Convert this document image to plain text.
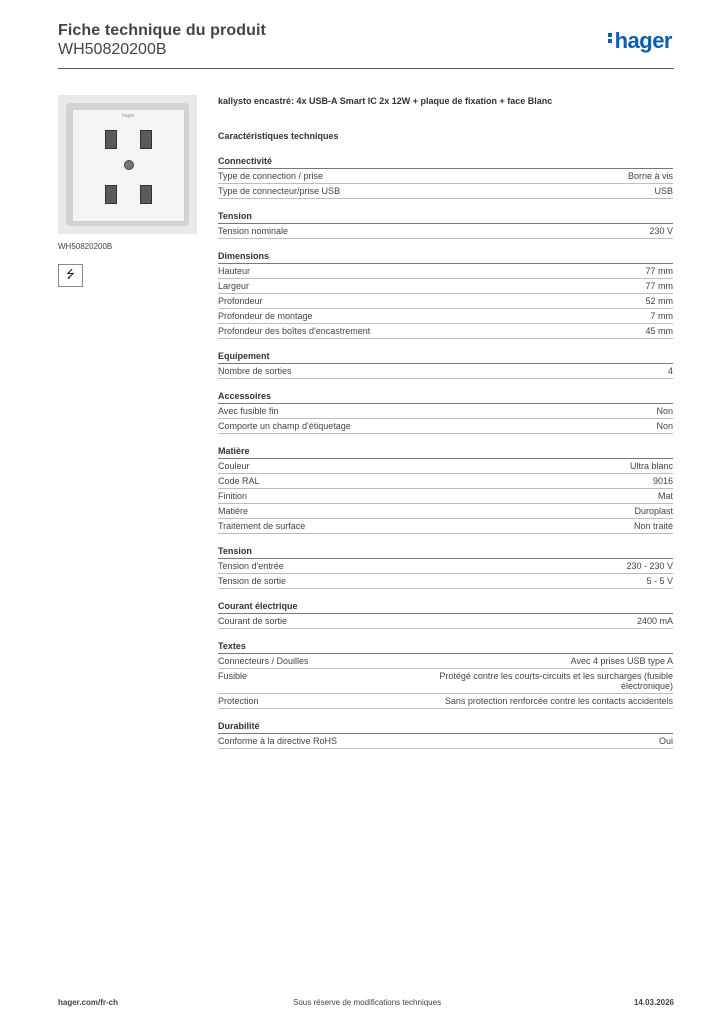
Fiche technique du produit
WH50820200B	hager
hager
WH50820200B
⭍
kallysto encastré: 4x USB-A Smart IC 2x 12W + plaque de fixation + face Blanc
Caractéristiques techniques
Connectivité
Type de connection / prise	Borne à vis
Type de connecteur/prise USB	USB
Tension
Tension nominale	230 V
Dimensions
Hauteur	77 mm
Largeur	77 mm
Profondeur	52 mm
Profondeur de montage	7 mm
Profondeur des boîtes d'encastrement	45 mm
Equipement
Nombre de sorties	4
Accessoires
Avec fusible fin	Non
Comporte un champ d'étiquetage	Non
Matière
Couleur	Ultra blanc
Code RAL	9016
Finition	Mat
Matière	Duroplast
Traitement de surface	Non traité
Tension
Tension d'entrée	230 - 230 V
Tension de sortie	5 - 5 V
Courant électrique
Courant de sortie	2400 mA
Textes
Connecteurs / Douilles	Avec 4 prises USB type A
Fusible	Protégé contre les courts-circuits et les surcharges (fusible électronique)
Protection	Sans protection renforcée contre les contacts accidentels
Durabilité
Conforme à la directive RoHS	Oui
hager.com/fr-ch	Sous réserve de modifications techniques	14.03.2026
